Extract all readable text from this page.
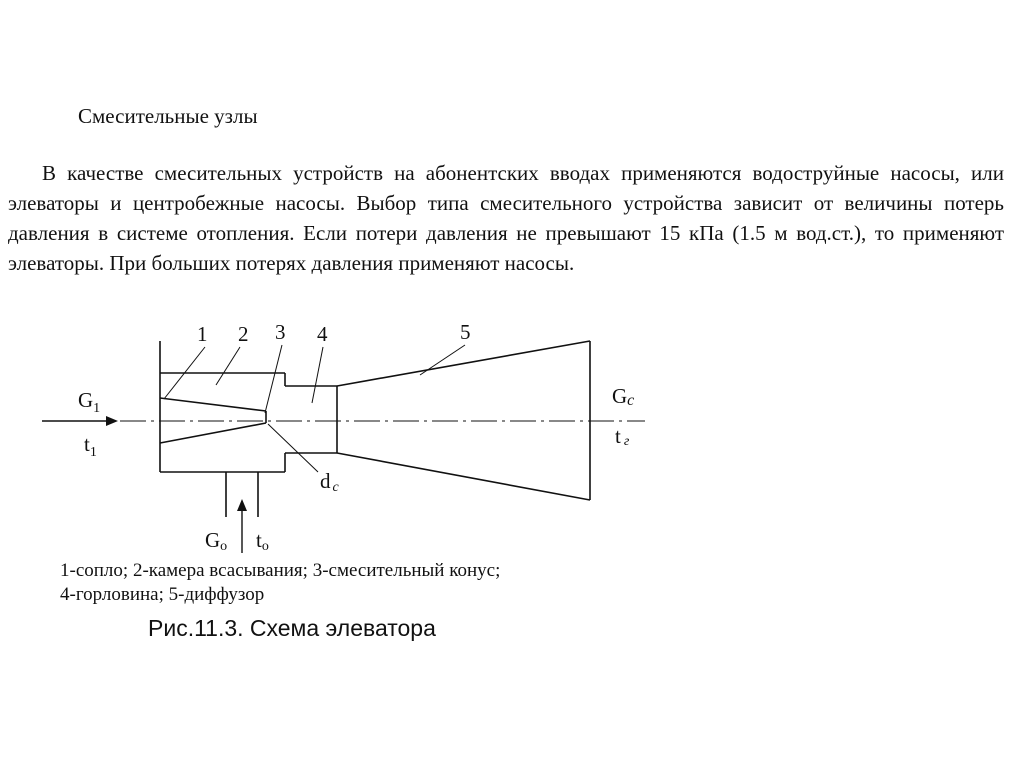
Смесительные узлы

В качестве смесительных устройств на абонентских вводах применяются водоструйные насосы, или элеваторы и центробежные насосы. Выбор типа смесительного устройства зависит от величины потерь давления в системе отопления. Если потери давления не превышают 15 кПа (1.5 м вод.ст.), то применяют элеваторы. При больших потерях давления применяют насосы.

1 2 3 4	5
$G_1$
$t_1$
Gс
tг
dс
Gо tо
1-сопло; 2-камера всасывания; 3-смесительный конус;
4-горловина; 5-диффузор
Рис.11.3. Схема элеватора
